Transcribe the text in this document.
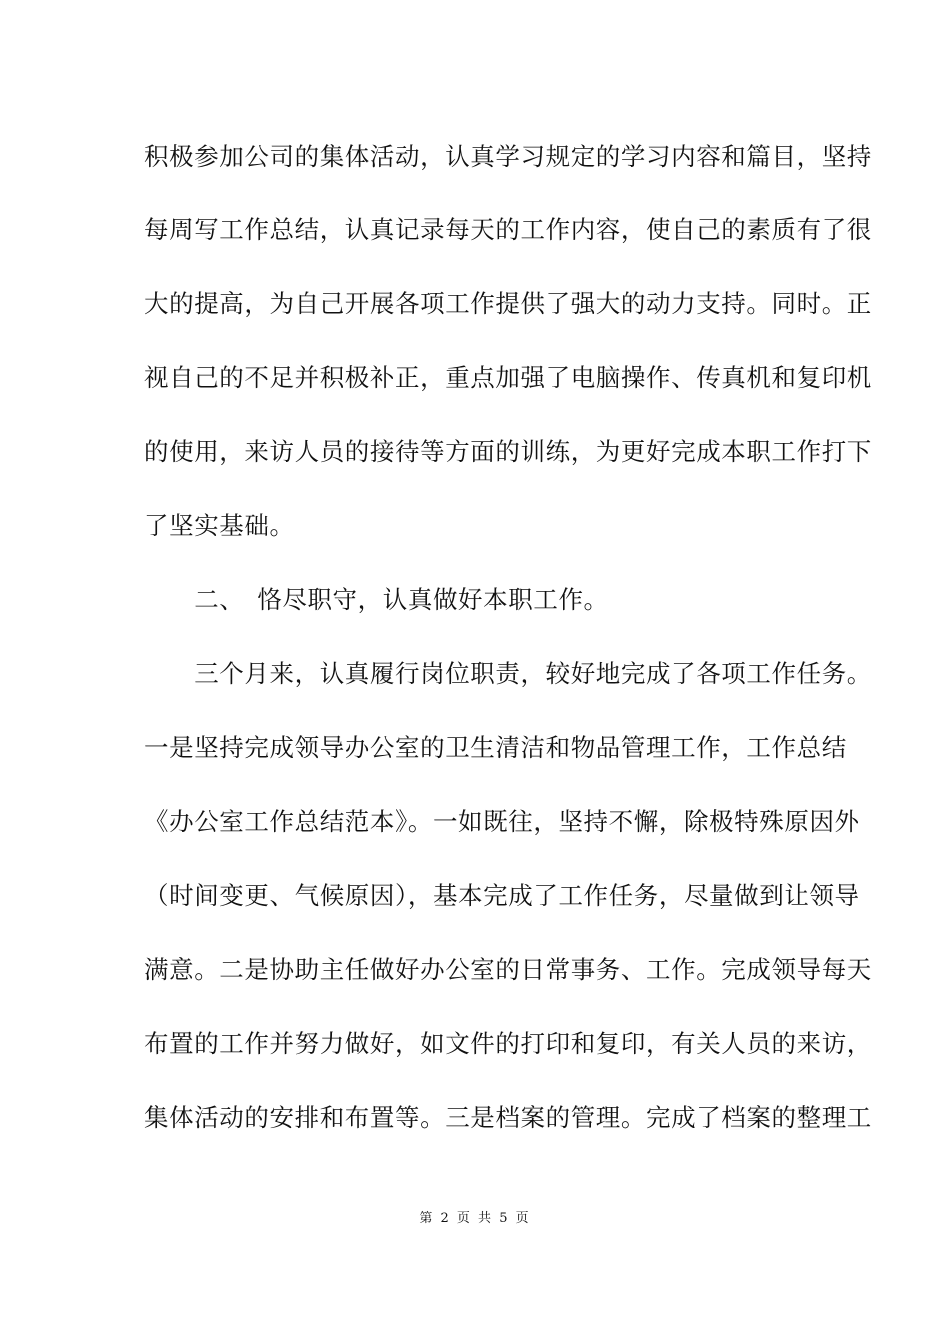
积极参加公司的集体活动，认真学习规定的学习内容和篇目，坚持
每周写工作总结，认真记录每天的工作内容，使自己的素质有了很
大的提高，为自己开展各项工作提供了强大的动力支持。同时。正
视自己的不足并积极补正，重点加强了电脑操作、传真机和复印机
的使用，来访人员的接待等方面的训练，为更好完成本职工作打下
了坚实基础。
　　二、　恪尽职守，认真做好本职工作。
　　三个月来，认真履行岗位职责，较好地完成了各项工作任务。
一是坚持完成领导办公室的卫生清洁和物品管理工作，工作总结
《办公室工作总结范本》。一如既往，坚持不懈，除极特殊原因外
（时间变更、气候原因），基本完成了工作任务，尽量做到让领导
满意。二是协助主任做好办公室的日常事务、工作。完成领导每天
布置的工作并努力做好，如文件的打印和复印，有关人员的来访，
集体活动的安排和布置等。三是档案的管理。完成了档案的整理工
第 2 页 共 5 页
